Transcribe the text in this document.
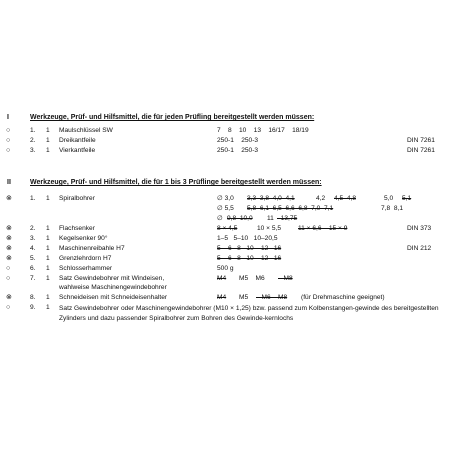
I	Werkzeuge, Prüf- und Hilfsmittel, die für jeden Prüfling bereitgestellt werden müssen:
○	1. 1 Maulschlüssel SW	7    8    10    13    16/17    18/19
○	2. 1 Dreikantfeile	250-1    250-3	DIN 7261
○	3. 1 Vierkantfeile	250-1    250-3	DIN 7261
II	Werkzeuge, Prüf- und Hilfsmittel, die für 1 bis 3 Prüflinge bereitgestellt werden müssen:
⊗	1. 1 Spiralbohrer	∅ 3,0 3,3–3,8–4,0–4,1	4,2 4,5–4,8	5,0 5,1
∅ 5,5 5,8–6,1–6,5–6,6–6,8–7,0–7,1	7,8  8,1
∅ 9,8–10,0 11 –13,75
⊗	2. 1 Flachsenker	8 × 4,5	10 × 5,5	11 × 6,6 – 15 × 9	DIN 373
⊗	3. 1 Kegelsenker 90°	1–5   5–10   10–20,5
⊗	4. 1 Maschinenreibahle H7	5 – 6   8   10 – 12   16	DIN 212
⊗	5. 1 Grenzlehrdorn H7	5 – 6   8   10 – 12   16
○	6. 1 Schlosserhammer	500 g
○	7. 1 Satz Gewindebohrer mit Windeisen,
wahlweise Maschinengewindebohrer
M4 M5    M6 – M8
⊗	8. 1 Schneideisen mit Schneideisenhalter	M4 M5 – M6 – M8 (für Drehmaschine geeignet)
○	9. 1 Satz Gewindebohrer oder Maschinengewindebohrer (M10 × 1,25) bzw. passend zum Kolbenstangen-gewinde des bereitgestellten Zylinders und dazu passender Spiralbohrer zum Bohren des Gewinde-kernlochs
